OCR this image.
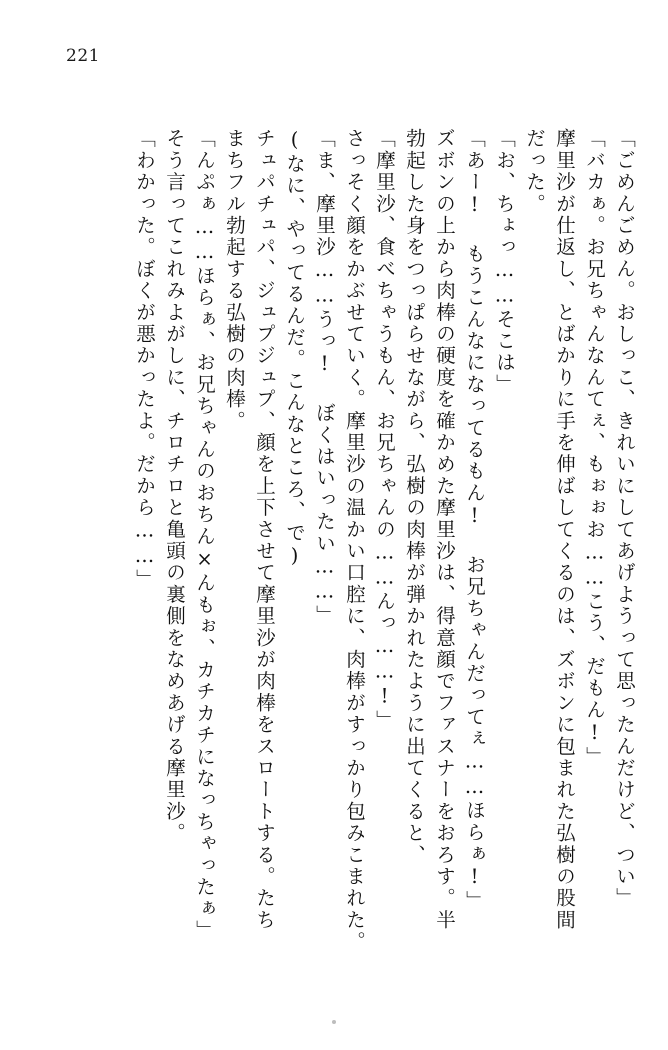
221
「ごめんごめん。おしっこ、きれいにしてあげようって思ったんだけど、つい」
「バカぁ。お兄ちゃんなんてぇ、もぉぉお……こう、だもん!」
摩里沙が仕返し、とばかりに手を伸ばしてくるのは、ズボンに包まれた弘樹の股間
だった。
「お、ちょっ……そこは」
「あー! もうこんなになってるもん! お兄ちゃんだってぇ……ほらぁ!」
ズボンの上から肉棒の硬度を確かめた摩里沙は、得意顔でファスナーをおろす。半
勃起した身をつっぱらせながら、弘樹の肉棒が弾かれたように出てくると、
「摩里沙、食べちゃうもん、お兄ちゃんの……んっ……!」
さっそく顔をかぶせていく。摩里沙の温かい口腔に、肉棒がすっかり包みこまれた。
「ま、摩里沙……うっ! ぼくはいったい……」
(なに、やってるんだ。こんなところ、で)
チュパチュパ、ジュプジュプ、顔を上下させて摩里沙が肉棒をスロートする。たち
まちフル勃起する弘樹の肉棒。
「んぷぁ……ほらぁ、お兄ちゃんのおちん×んもぉ、カチカチになっちゃったぁ」
そう言ってこれみよがしに、チロチロと亀頭の裏側をなめあげる摩里沙。
「わかった。ぼくが悪かったよ。だから……」
